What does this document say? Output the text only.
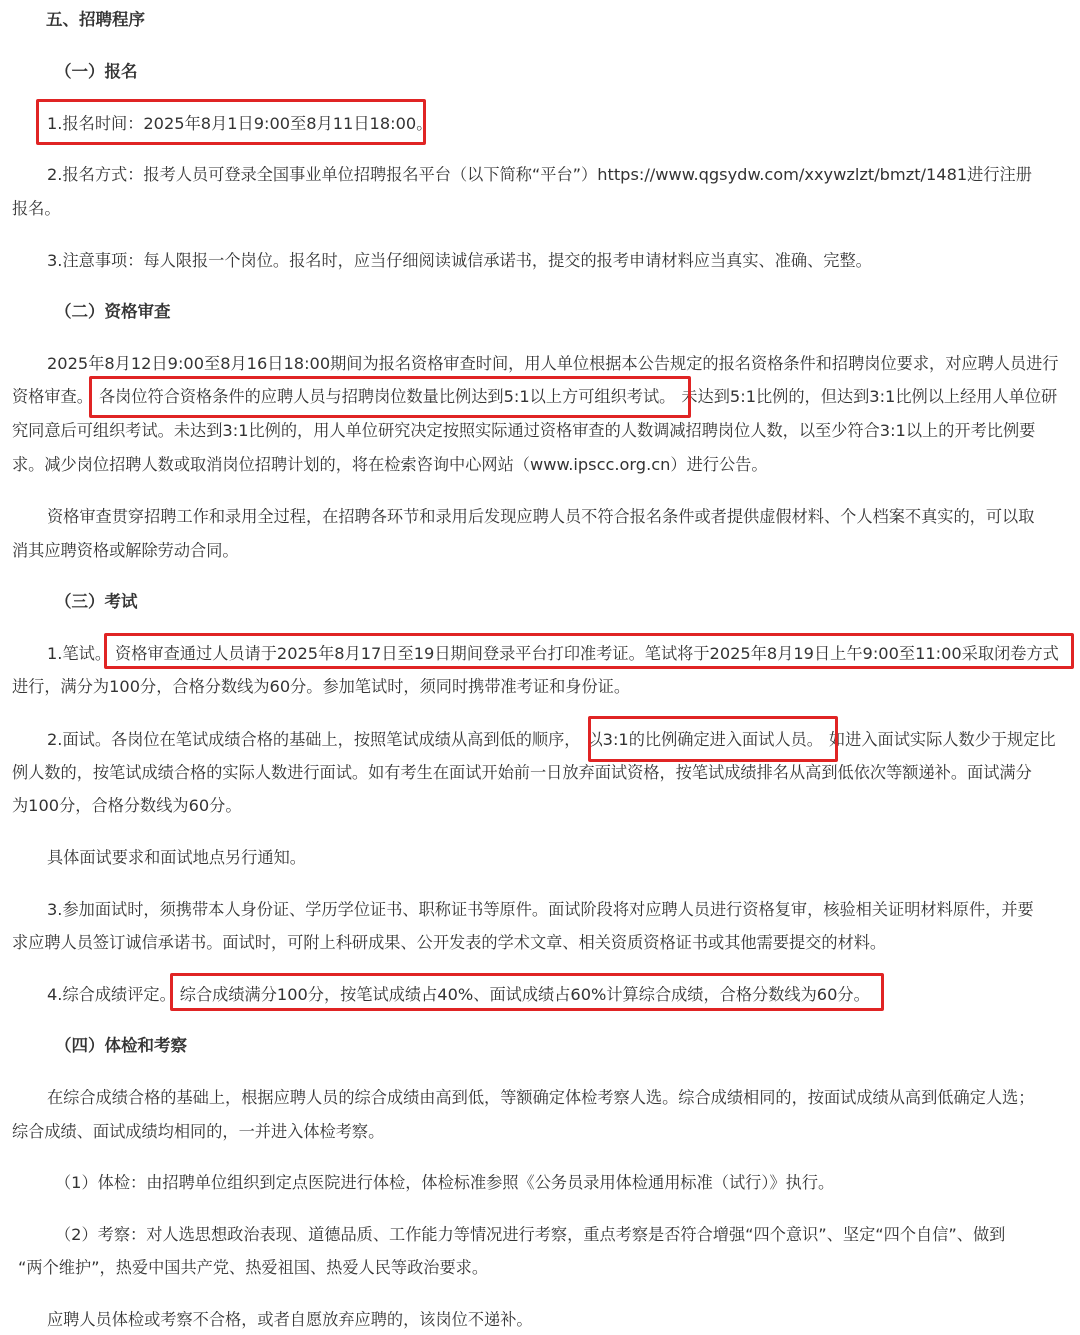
五、招聘程序
（一）报名
1.报名时间：2025年8月1日9:00至8月11日18:00。
2.报名方式：报考人员可登录全国事业单位招聘报名平台（以下简称“平台”）https://www.qgsydw.com/xxywzlzt/bmzt/1481进行注册
报名。
3.注意事项：每人限报一个岗位。报名时，应当仔细阅读诚信承诺书，提交的报考申请材料应当真实、准确、完整。
（二）资格审查
2025年8月12日9:00至8月16日18:00期间为报名资格审查时间，用人单位根据本公告规定的报名资格条件和招聘岗位要求，对应聘人员进行
资格审查。 各岗位符合资格条件的应聘人员与招聘岗位数量比例达到5:1以上方可组织考试。 未达到5:1比例的，但达到3:1比例以上经用人单位研
究同意后可组织考试。未达到3:1比例的，用人单位研究决定按照实际通过资格审查的人数调减招聘岗位人数，以至少符合3:1以上的开考比例要
求。减少岗位招聘人数或取消岗位招聘计划的，将在检索咨询中心网站（www.ipscc.org.cn）进行公告。
资格审查贯穿招聘工作和录用全过程，在招聘各环节和录用后发现应聘人员不符合报名条件或者提供虚假材料、个人档案不真实的，可以取
消其应聘资格或解除劳动合同。
（三）考试
1.笔试。 资格审查通过人员请于2025年8月17日至19日期间登录平台打印准考证。笔试将于2025年8月19日上午9:00至11:00采取闭卷方式
进行，满分为100分，合格分数线为60分。参加笔试时，须同时携带准考证和身份证。
2.面试。各岗位在笔试成绩合格的基础上，按照笔试成绩从高到低的顺序， 以3:1的比例确定进入面试人员。 如进入面试实际人数少于规定比
例人数的，按笔试成绩合格的实际人数进行面试。如有考生在面试开始前一日放弃面试资格，按笔试成绩排名从高到低依次等额递补。面试满分
为100分，合格分数线为60分。
具体面试要求和面试地点另行通知。
3.参加面试时，须携带本人身份证、学历学位证书、职称证书等原件。面试阶段将对应聘人员进行资格复审，核验相关证明材料原件，并要
求应聘人员签订诚信承诺书。面试时，可附上科研成果、公开发表的学术文章、相关资质资格证书或其他需要提交的材料。
4.综合成绩评定。 综合成绩满分100分，按笔试成绩占40%、面试成绩占60%计算综合成绩，合格分数线为60分。
（四）体检和考察
在综合成绩合格的基础上，根据应聘人员的综合成绩由高到低，等额确定体检考察人选。综合成绩相同的，按面试成绩从高到低确定人选；
综合成绩、面试成绩均相同的，一并进入体检考察。
（1）体检：由招聘单位组织到定点医院进行体检，体检标准参照《公务员录用体检通用标准（试行）》执行。
（2）考察：对人选思想政治表现、道德品质、工作能力等情况进行考察，重点考察是否符合增强“四个意识”、坚定“四个自信”、做到
“两个维护”，热爱中国共产党、热爱祖国、热爱人民等政治要求。
应聘人员体检或考察不合格，或者自愿放弃应聘的，该岗位不递补。
